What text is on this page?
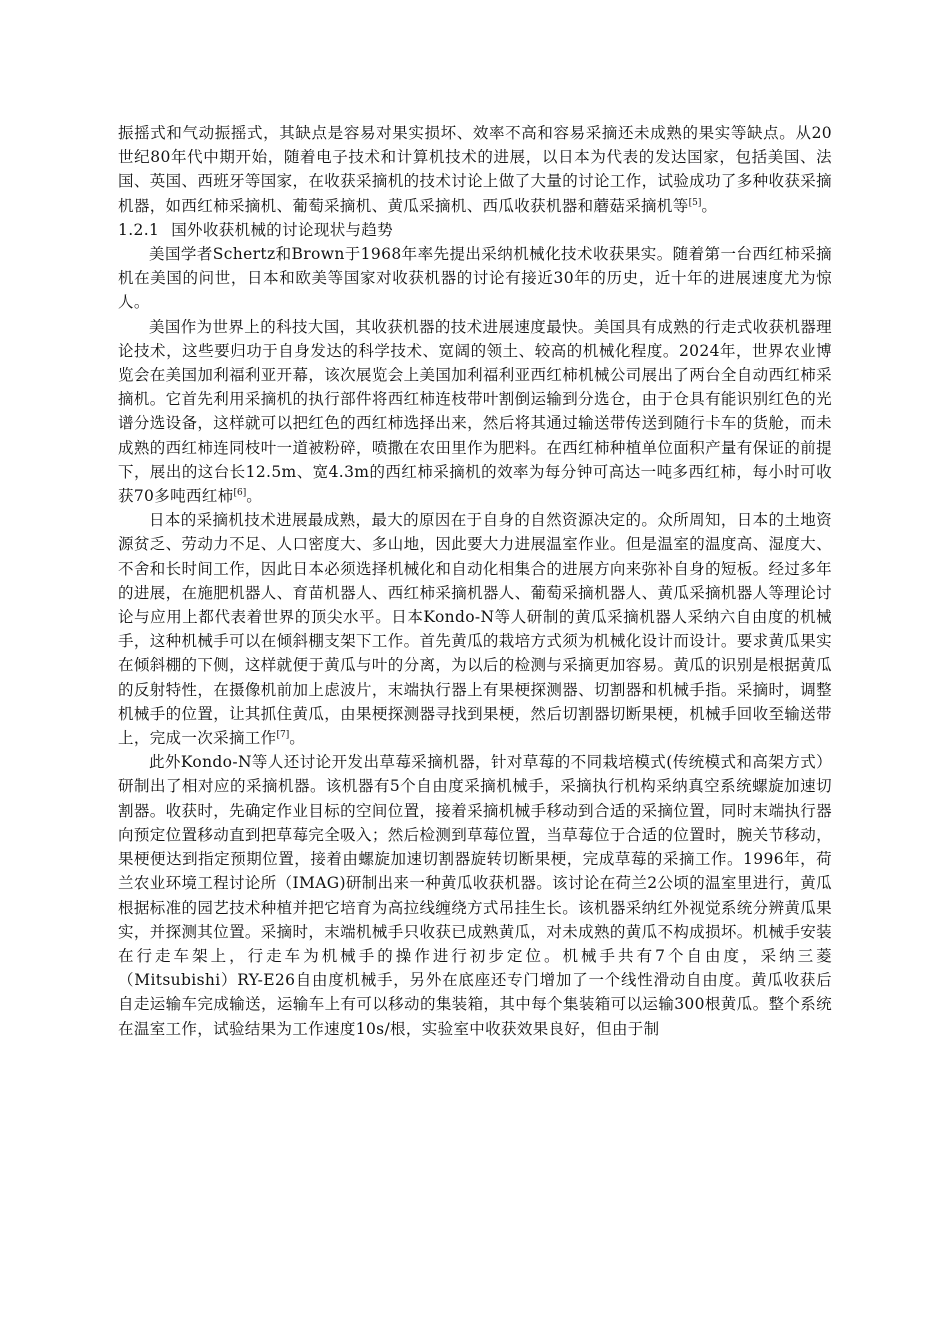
振摇式和气动振摇式，其缺点是容易对果实损坏、效率不高和容易采摘还未成熟的果实等缺点。从20世纪80年代中期开始，随着电子技术和计算机技术的进展，以日本为代表的发达国家，包括美国、法国、英国、西班牙等国家，在收获采摘机的技术讨论上做了大量的讨论工作，试验成功了多种收获采摘机器，如西红柿采摘机、葡萄采摘机、黄瓜采摘机、西瓜收获机器和蘑菇采摘机等[5]。

1.2.1 国外收获机械的讨论现状与趋势

美国学者Schertz和Brown于1968年率先提出采纳机械化技术收获果实。随着第一台西红柿采摘机在美国的问世，日本和欧美等国家对收获机器的讨论有接近30年的历史，近十年的进展速度尤为惊人。

美国作为世界上的科技大国，其收获机器的技术进展速度最快。美国具有成熟的行走式收获机器理论技术，这些要归功于自身发达的科学技术、宽阔的领土、较高的机械化程度。2024年，世界农业博览会在美国加利福利亚开幕，该次展览会上美国加利福利亚西红柿机械公司展出了两台全自动西红柿采摘机。它首先利用采摘机的执行部件将西红柿连枝带叶割倒运输到分选仓，由于仓具有能识别红色的光谱分选设备，这样就可以把红色的西红柿选择出来，然后将其通过输送带传送到随行卡车的货舱，而未成熟的西红柿连同枝叶一道被粉碎，喷撒在农田里作为肥料。在西红柿种植单位面积产量有保证的前提下，展出的这台长12.5m、宽4.3m的西红柿采摘机的效率为每分钟可高达一吨多西红柿，每小时可收获70多吨西红柿[6]。

日本的采摘机技术进展最成熟，最大的原因在于自身的自然资源决定的。众所周知，日本的土地资源贫乏、劳动力不足、人口密度大、多山地，因此要大力进展温室作业。但是温室的温度高、湿度大、不舍和长时间工作，因此日本必须选择机械化和自动化相集合的进展方向来弥补自身的短板。经过多年的进展，在施肥机器人、育苗机器人、西红柿采摘机器人、葡萄采摘机器人、黄瓜采摘机器人等理论讨论与应用上都代表着世界的顶尖水平。日本Kondo-N等人研制的黄瓜采摘机器人采纳六自由度的机械手，这种机械手可以在倾斜棚支架下工作。首先黄瓜的栽培方式须为机械化设计而设计。要求黄瓜果实在倾斜棚的下侧，这样就便于黄瓜与叶的分离，为以后的检测与采摘更加容易。黄瓜的识别是根据黄瓜的反射特性，在摄像机前加上虑波片，末端执行器上有果梗探测器、切割器和机械手指。采摘时，调整机械手的位置，让其抓住黄瓜，由果梗探测器寻找到果梗，然后切割器切断果梗，机械手回收至输送带上，完成一次采摘工作[7]。

此外Kondo-N等人还讨论开发出草莓采摘机器，针对草莓的不同栽培模式(传统模式和高架方式）研制出了相对应的采摘机器。该机器有5个自由度采摘机械手，采摘执行机构采纳真空系统螺旋加速切割器。收获时，先确定作业目标的空间位置，接着采摘机械手移动到合适的采摘位置，同时末端执行器向预定位置移动直到把草莓完全吸入；然后检测到草莓位置，当草莓位于合适的位置时，腕关节移动，果梗便达到指定预期位置，接着由螺旋加速切割器旋转切断果梗，完成草莓的采摘工作。1996年，荷兰农业环境工程讨论所（IMAG)研制出来一种黄瓜收获机器。该讨论在荷兰2公顷的温室里进行，黄瓜根据标准的园艺技术种植并把它培育为高拉线缠绕方式吊挂生长。该机器采纳红外视觉系统分辨黄瓜果实，并探测其位置。采摘时，末端机械手只收获已成熟黄瓜，对未成熟的黄瓜不构成损坏。机械手安装在行走车架上，行走车为机械手的操作进行初步定位。机械手共有7个自由度，采纳三菱（Mitsubishi）RY-E26自由度机械手，另外在底座还专门增加了一个线性滑动自由度。黄瓜收获后自走运输车完成输送，运输车上有可以移动的集装箱，其中每个集装箱可以运输300根黄瓜。整个系统在温室工作，试验结果为工作速度10s/根，实验室中收获效果良好，但由于制
